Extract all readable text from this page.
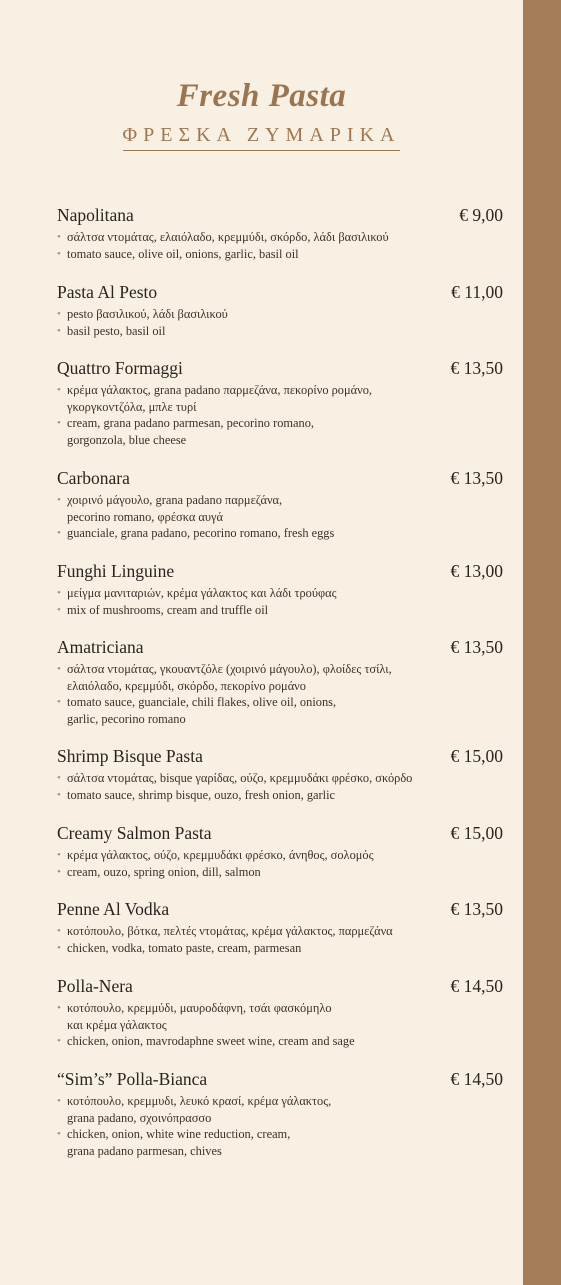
Fresh Pasta
ΦΡΕΣΚΑ ΖΥΜΑΡΙΚΑ
Napolitana	€ 9,00
• σάλτσα ντομάτας, ελαιόλαδο, κρεμμύδι, σκόρδο, λάδι βασιλικού
• tomato sauce, olive oil, onions, garlic, basil oil
Pasta Al Pesto	€ 11,00
• pesto βασιλικού, λάδι βασιλικού
• basil pesto, basil oil
Quattro Formaggi	€ 13,50
• κρέμα γάλακτος, grana padano παρμεζάνα, πεκορίνο ρομάνο,
γκοργκοντζόλα, μπλε τυρί
• cream, grana padano parmesan, pecorino romano,
gorgonzola, blue cheese
Carbonara	€ 13,50
• χοιρινό μάγουλο, grana padano παρμεζάνα,
pecorino romano, φρέσκα αυγά
• guanciale, grana padano, pecorino romano, fresh eggs
Funghi Linguine	€ 13,00
• μείγμα μανιταριών, κρέμα γάλακτος και λάδι τρούφας
• mix of mushrooms, cream and truffle oil
Amatriciana	€ 13,50
• σάλτσα ντομάτας, γκουαντζόλε (χοιρινό μάγουλο), φλοίδες τσίλι,
ελαιόλαδο, κρεμμύδι, σκόρδο, πεκορίνο ρομάνο
• tomato sauce, guanciale, chili flakes, olive oil, onions,
garlic, pecorino romano
Shrimp Bisque Pasta	€ 15,00
• σάλτσα ντομάτας, bisque γαρίδας, ούζο, κρεμμυδάκι φρέσκο, σκόρδο
• tomato sauce, shrimp bisque, ouzo, fresh onion, garlic
Creamy Salmon Pasta	€ 15,00
• κρέμα γάλακτος, ούζο, κρεμμυδάκι φρέσκο, άνηθος, σολομός
• cream, ouzo, spring onion, dill, salmon
Penne Al Vodka	€ 13,50
• κοτόπουλο, βότκα, πελτές ντομάτας, κρέμα γάλακτος, παρμεζάνα
• chicken, vodka, tomato paste, cream, parmesan
Polla-Nera	€ 14,50
• κοτόπουλο, κρεμμύδι, μαυροδάφνη, τσάι φασκόμηλο
και κρέμα γάλακτος
• chicken, onion, mavrodaphne sweet wine, cream and sage
“Sim’s” Polla-Bianca	€ 14,50
• κοτόπουλο, κρεμμυδι, λευκό κρασί, κρέμα γάλακτος,
grana padano, σχοινόπρασσο
• chicken, onion, white wine reduction, cream,
grana padano parmesan, chives
